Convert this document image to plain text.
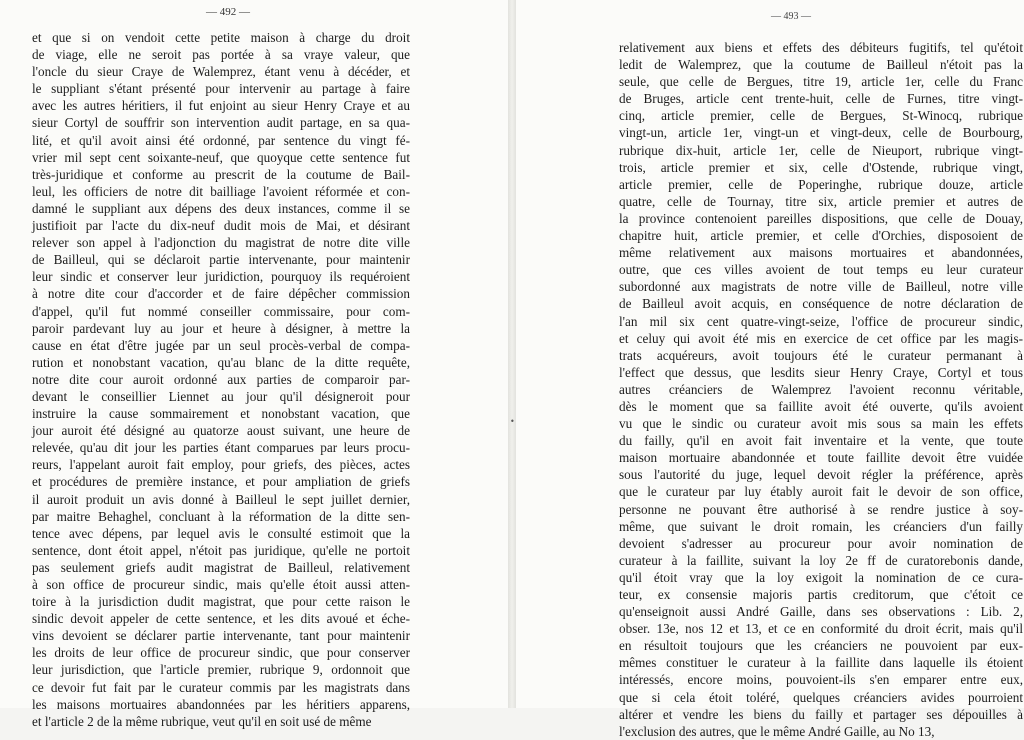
— 492 —
et que si on vendoit cette petite maison à charge du droit
de viage, elle ne seroit pas portée à sa vraye valeur, que
l'oncle du sieur Craye de Walemprez, étant venu à décéder, et
le suppliant s'étant présenté pour intervenir au partage à faire
avec les autres héritiers, il fut enjoint au sieur Henry Craye et au
sieur Cortyl de souffrir son intervention audit partage, en sa qua-
lité, et qu'il avoit ainsi été ordonné, par sentence du vingt fé-
vrier mil sept cent soixante-neuf, que quoyque cette sentence fut
très-juridique et conforme au prescrit de la coutume de Bail-
leul, les officiers de notre dit bailliage l'avoient réformée et con-
damné le suppliant aux dépens des deux instances, comme il se
justifioit par l'acte du dix-neuf dudit mois de Mai, et désirant
relever son appel à l'adjonction du magistrat de notre dite ville
de Bailleul, qui se déclaroit partie intervenante, pour maintenir
leur sindic et conserver leur juridiction, pourquoy ils requéroient
à notre dite cour d'accorder et de faire dépêcher commission
d'appel, qu'il fut nommé conseiller commissaire, pour com-
paroir pardevant luy au jour et heure à désigner, à mettre la
cause en état d'être jugée par un seul procès-verbal de compa-
rution et nonobstant vacation, qu'au blanc de la ditte requête,
notre dite cour auroit ordonné aux parties de comparoir par-
devant le conseillier Liennet au jour qu'il désigneroit pour
instruire la cause sommairement et nonobstant vacation, que
jour auroit été désigné au quatorze aoust suivant, une heure de
relevée, qu'au dit jour les parties étant comparues par leurs procu-
reurs, l'appelant auroit fait employ, pour griefs, des pièces, actes
et procédures de première instance, et pour ampliation de griefs
il auroit produit un avis donné à Bailleul le sept juillet dernier,
par maitre Behaghel, concluant à la réformation de la ditte sen-
tence avec dépens, par lequel avis le consulté estimoit que la
sentence, dont étoit appel, n'étoit pas juridique, qu'elle ne portoit
pas seulement griefs audit magistrat de Bailleul, relativement
à son office de procureur sindic, mais qu'elle étoit aussi atten-
toire à la jurisdiction dudit magistrat, que pour cette raison le
sindic devoit appeler de cette sentence, et les dits avoué et éche-
vins devoient se déclarer partie intervenante, tant pour maintenir
les droits de leur office de procureur sindic, que pour conserver
leur jurisdiction, que l'article premier, rubrique 9, ordonnoit que
ce devoir fut fait par le curateur commis par les magistrats dans
les maisons mortuaires abandonnées par les héritiers apparens,
et l'article 2 de la même rubrique, veut qu'il en soit usé de même
•
— 493 —
relativement aux biens et effets des débiteurs fugitifs, tel qu'étoit
ledit de Walemprez, que la coutume de Bailleul n'étoit pas la
seule, que celle de Bergues, titre 19, article 1er, celle du Franc
de Bruges, article cent trente-huit, celle de Furnes, titre vingt-
cinq, article premier, celle de Bergues, St-Winocq, rubrique
vingt-un, article 1er, vingt-un et vingt-deux, celle de Bourbourg,
rubrique dix-huit, article 1er, celle de Nieuport, rubrique vingt-
trois, article premier et six, celle d'Ostende, rubrique vingt,
article premier, celle de Poperinghe, rubrique douze, article
quatre, celle de Tournay, titre six, article premier et autres de
la province contenoient pareilles dispositions, que celle de Douay,
chapitre huit, article premier, et celle d'Orchies, disposoient de
même relativement aux maisons mortuaires et abandonnées,
outre, que ces villes avoient de tout temps eu leur curateur
subordonné aux magistrats de notre ville de Bailleul, notre ville
de Bailleul avoit acquis, en conséquence de notre déclaration de
l'an mil six cent quatre-vingt-seize, l'office de procureur sindic,
et celuy qui avoit été mis en exercice de cet office par les magis-
trats acquéreurs, avoit toujours été le curateur permanant à
l'effect que dessus, que lesdits sieur Henry Craye, Cortyl et tous
autres créanciers de Walemprez l'avoient reconnu véritable,
dès le moment que sa faillite avoit été ouverte, qu'ils avoient
vu que le sindic ou curateur avoit mis sous sa main les effets
du failly, qu'il en avoit fait inventaire et la vente, que toute
maison mortuaire abandonnée et toute faillite devoit être vuidée
sous l'autorité du juge, lequel devoit régler la préférence, après
que le curateur par luy étably auroit fait le devoir de son office,
personne ne pouvant être authorisé à se rendre justice à soy-
même, que suivant le droit romain, les créanciers d'un failly
devoient s'adresser au procureur pour avoir nomination de
curateur à la faillite, suivant la loy 2e ff de curatorebonis dande,
qu'il étoit vray que la loy exigoit la nomination de ce cura-
teur, ex consensie majoris partis creditorum, que c'étoit ce
qu'enseignoit aussi André Gaille, dans ses observations : Lib. 2,
obser. 13e, nos 12 et 13, et ce en conformité du droit écrit, mais qu'il
en résultoit toujours que les créanciers ne pouvoient par eux-
mêmes constituer le curateur à la faillite dans laquelle ils étoient
intéressés, encore moins, pouvoient-ils s'en emparer entre eux,
que si cela étoit toléré, quelques créanciers avides pourroient
altérer et vendre les biens du failly et partager ses dépouilles à
l'exclusion des autres, que le même André Gaille, au No 13,
